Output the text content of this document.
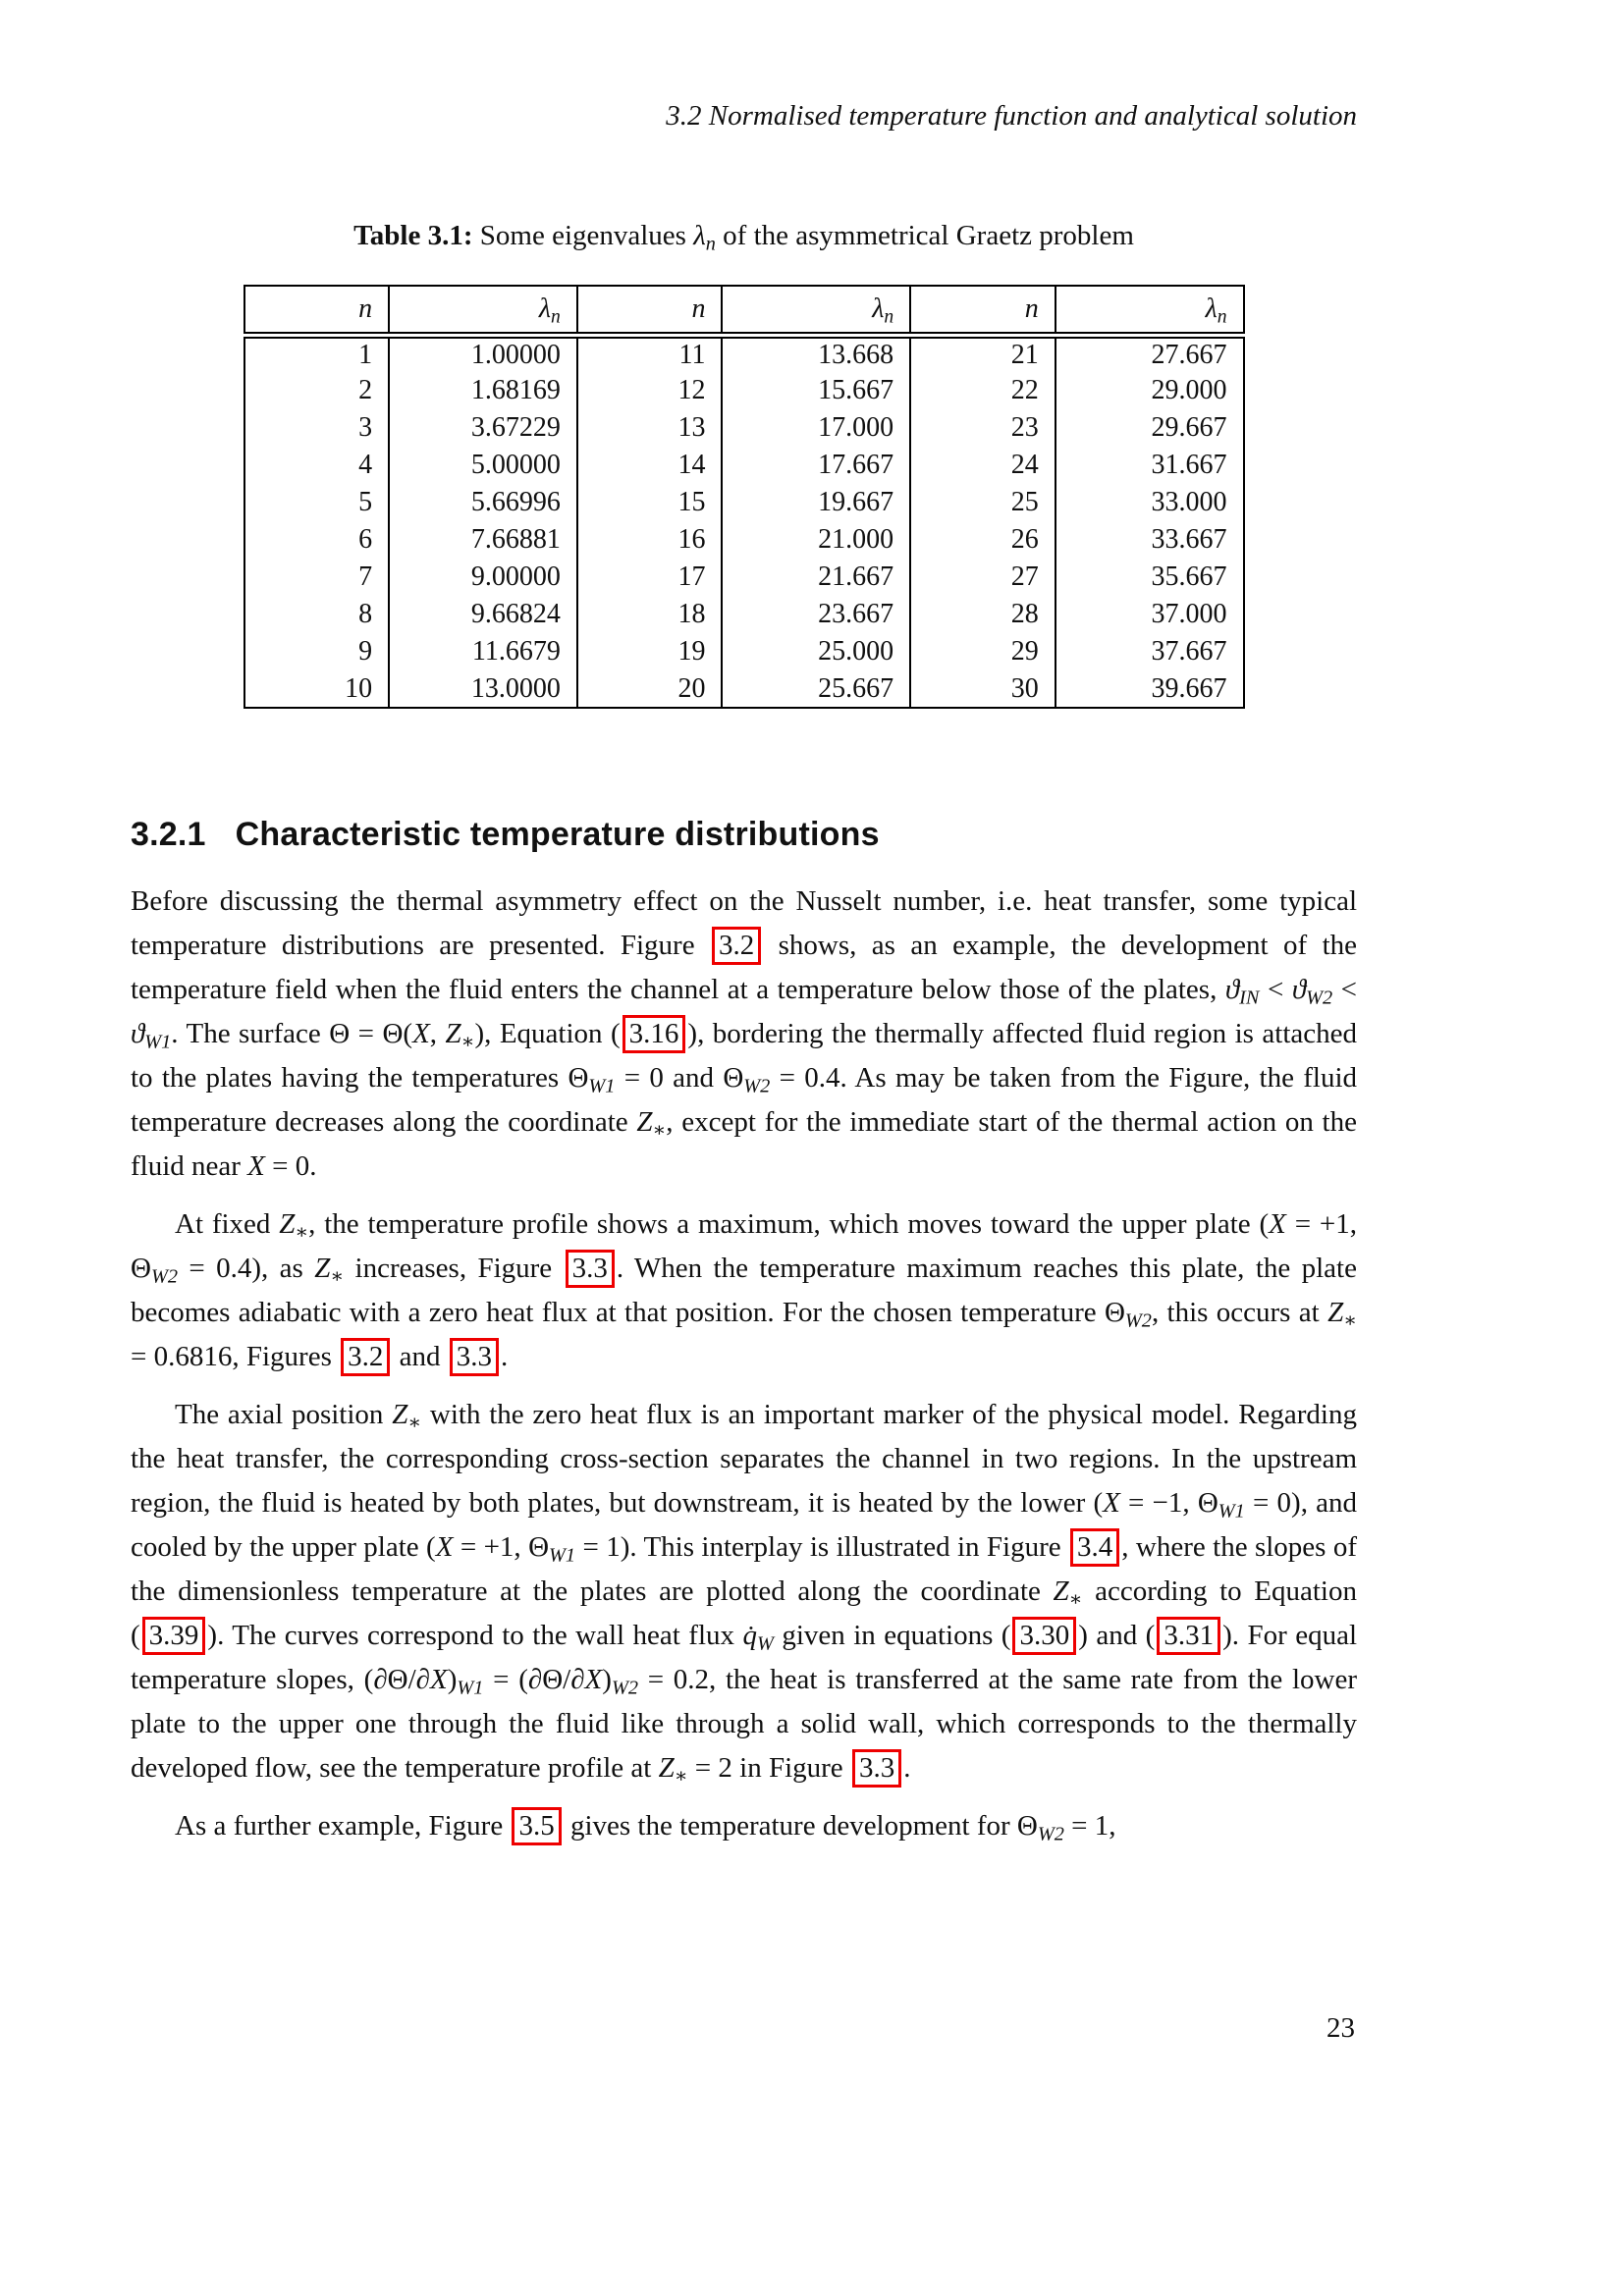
3.2 Normalised temperature function and analytical solution
Table 3.1: Some eigenvalues $\lambda_n$ of the asymmetrical Graetz problem
n	$\lambda_n$	n	$\lambda_n$	n	$\lambda_n$
1	1.00000	11	13.668	21	27.667
2	1.68169	12	15.667	22	29.000
3	3.67229	13	17.000	23	29.667
4	5.00000	14	17.667	24	31.667
5	5.66996	15	19.667	25	33.000
6	7.66881	16	21.000	26	33.667
7	9.00000	17	21.667	27	35.667
8	9.66824	18	23.667	28	37.000
9	11.6679	19	25.000	29	37.667
10	13.0000	20	25.667	30	39.667
3.2.1 Characteristic temperature distributions

Before discussing the thermal asymmetry effect on the Nusselt number, i.e. heat transfer, some typical temperature distributions are presented. Figure 3.2 shows, as an example, the development of the temperature field when the fluid enters the channel at a temperature below those of the plates, $ϑ_{IN} < ϑ_{W2} < ϑ_{W1}$. The surface Θ = Θ(X, $Z_∗$), Equation ( 3.16 ), bordering the thermally affected fluid region is attached to the plates having the temperatures $\Theta_{W1} = 0$ and $\Theta_{W2} = 0.4$. As may be taken from the Figure, the fluid temperature decreases along the coordinate $Z_∗$, except for the immediate start of the thermal action on the fluid near X = 0.

At fixed $Z_∗$, the temperature profile shows a maximum, which moves toward the upper plate (X = +1, $\Theta_{W2} = 0.4$), as $Z_∗$ increases, Figure 3.3 . When the temperature maximum reaches this plate, the plate becomes adiabatic with a zero heat flux at that position. For the chosen temperature $\Theta_{W2}$, this occurs at $Z_∗ = 0.6816$, Figures 3.2 and 3.3 .

The axial position $Z_∗$ with the zero heat flux is an important marker of the physical model. Regarding the heat transfer, the corresponding cross-section separates the channel in two regions. In the upstream region, the fluid is heated by both plates, but downstream, it is heated by the lower (X = −1, $\Theta_{W1} = 0$), and cooled by the upper plate (X = +1, $\Theta_{W1} = 1$). This interplay is illustrated in Figure 3.4 , where the slopes of the dimensionless temperature at the plates are plotted along the coordinate $Z_∗$ according to Equation ( 3.39 ). The curves correspond to the wall heat flux $q̇_W$ given in equations ( 3.30 ) and ( 3.31 ). For equal temperature slopes, $(\partial\Theta/\partial X)_{W1} = (\partial\Theta/\partial X)_{W2} = 0.2$, the heat is transferred at the same rate from the lower plate to the upper one through the fluid like through a solid wall, which corresponds to the thermally developed flow, see the temperature profile at $Z_∗ = 2$ in Figure 3.3 .

As a further example, Figure 3.5 gives the temperature development for $\Theta_{W2} = 1$,

23
